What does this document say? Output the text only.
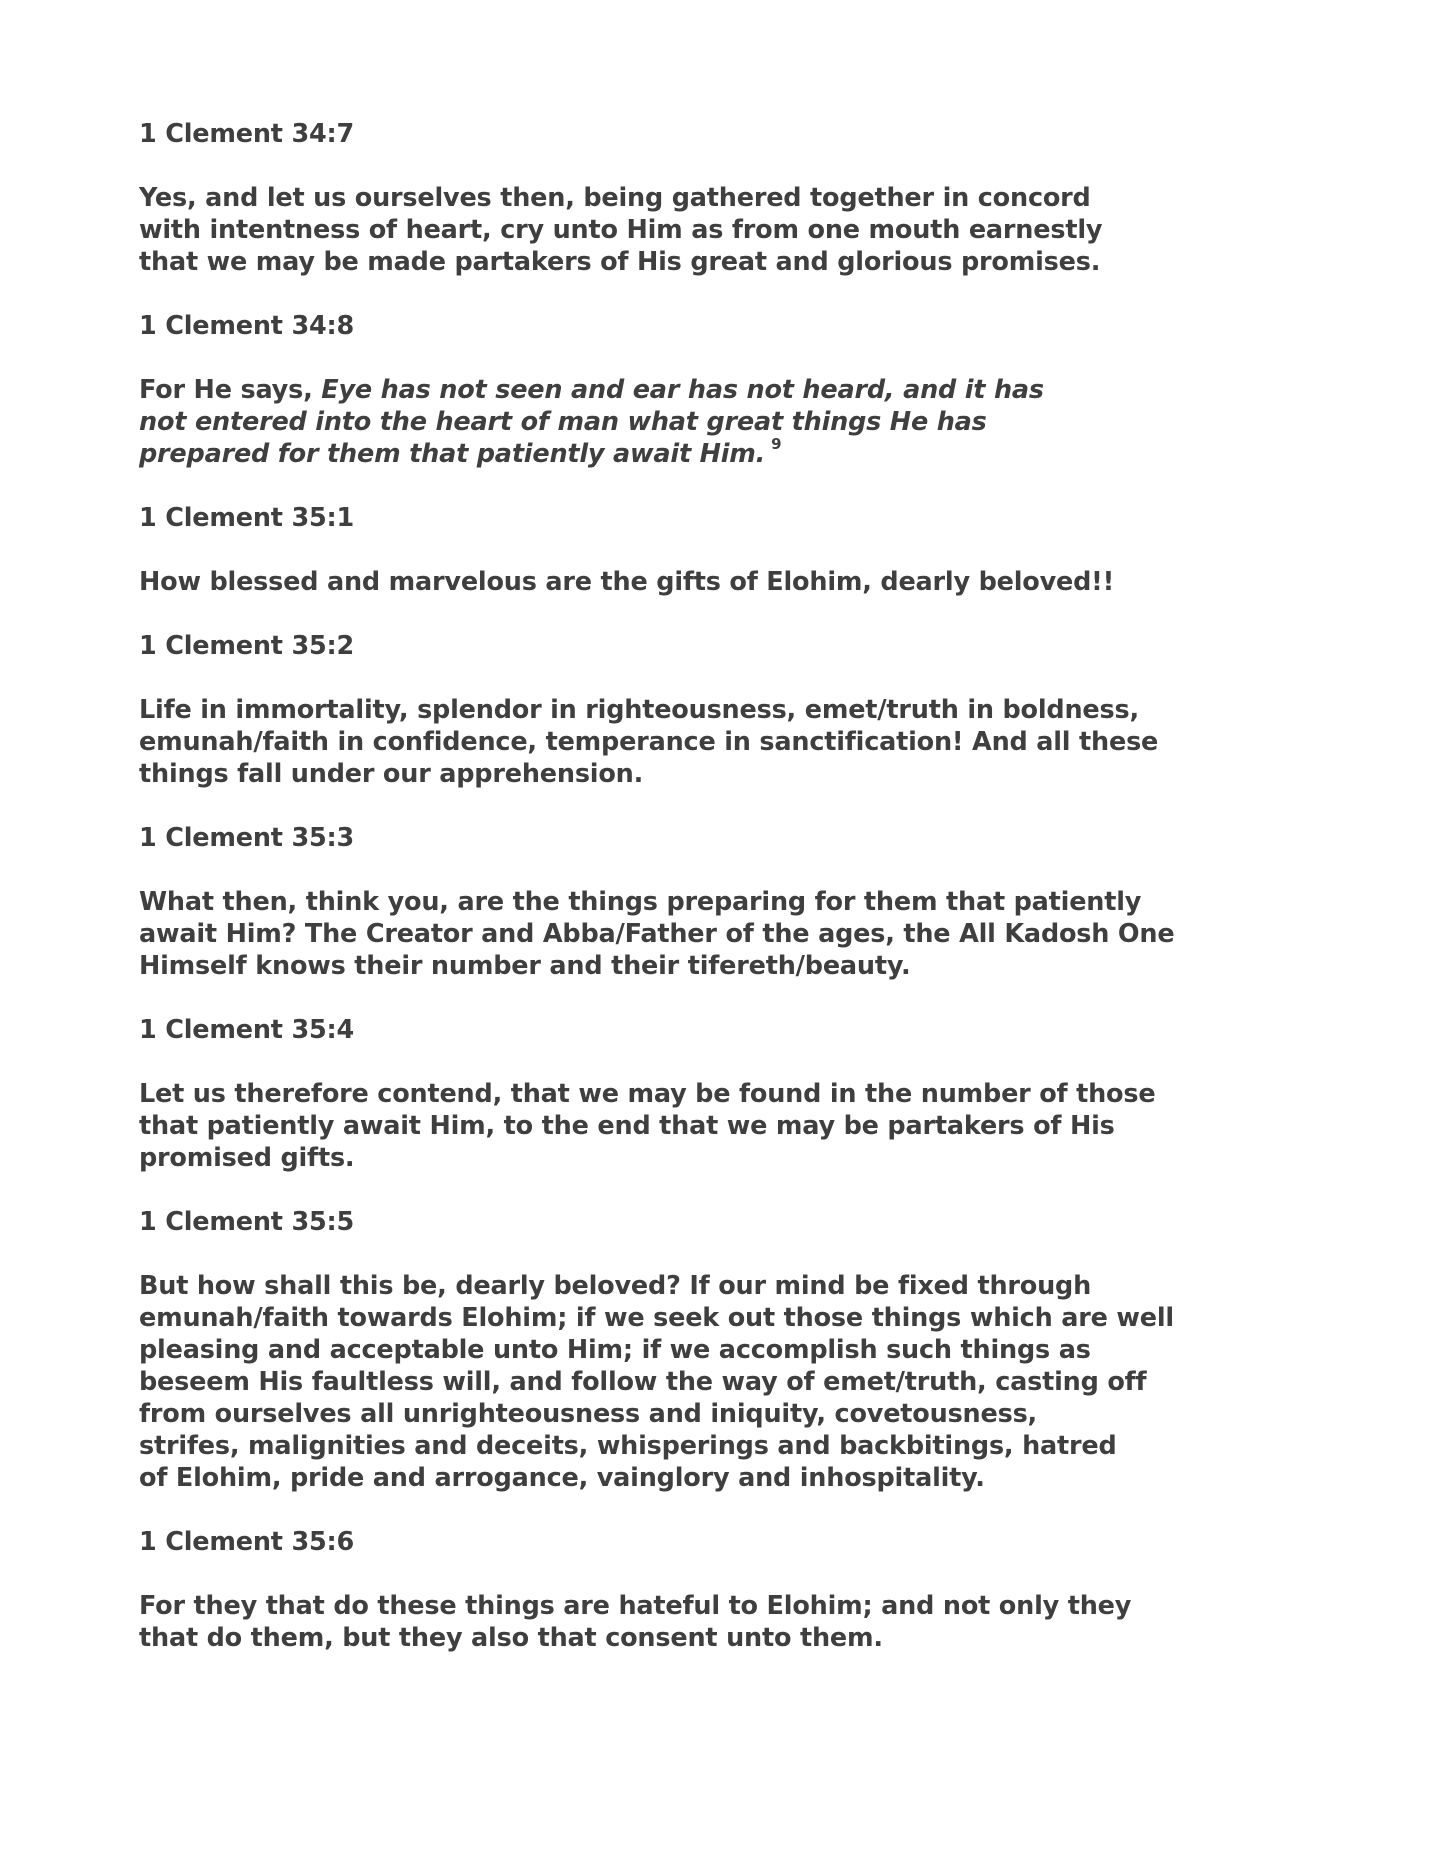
1 Clement 34:7
Yes, and let us ourselves then, being gathered together in concord
with intentness of heart, cry unto Him as from one mouth earnestly
that we may be made partakers of His great and glorious promises.
1 Clement 34:8
For He says, Eye has not seen and ear has not heard, and it has
not entered into the heart of man what great things He has
prepared for them that patiently await Him. $^9$
1 Clement 35:1
How blessed and marvelous are the gifts of Elohim, dearly beloved!!
1 Clement 35:2
Life in immortality, splendor in righteousness, emet/truth in boldness,
emunah/faith in confidence, temperance in sanctification! And all these
things fall under our apprehension.
1 Clement 35:3
What then, think you, are the things preparing for them that patiently
await Him? The Creator and Abba/Father of the ages, the All Kadosh One
Himself knows their number and their tifereth/beauty.
1 Clement 35:4
Let us therefore contend, that we may be found in the number of those
that patiently await Him, to the end that we may be partakers of His
promised gifts.
1 Clement 35:5
But how shall this be, dearly beloved? If our mind be fixed through
emunah/faith towards Elohim; if we seek out those things which are well
pleasing and acceptable unto Him; if we accomplish such things as
beseem His faultless will, and follow the way of emet/truth, casting off
from ourselves all unrighteousness and iniquity, covetousness,
strifes, malignities and deceits, whisperings and backbitings, hatred
of Elohim, pride and arrogance, vainglory and inhospitality.
1 Clement 35:6
For they that do these things are hateful to Elohim; and not only they
that do them, but they also that consent unto them.
